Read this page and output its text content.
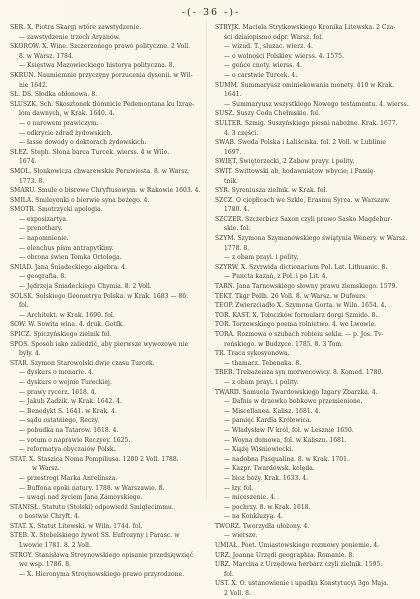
-(- 36 -)-
SER. X. Piotra Skargi wtóre zawstydzenie.
— zawstydzenie trzech Aryanów.
SKOROW. X. Wine. Szczerzonego prawo polityczne. 2 Voll.
8. w Warsz. 1784.
— Księstwa Mazowieckiego historya polityczna. 8.
SKRUN. Naumiemnie przyczyny porzucenia dysonii. w Wil-
nie 1642.
SŁ. DS. Słodka obłonowa. 8.
SLUSZK. Sch. Skosztonek tłómnicie Pedemontana ku Izrae-
lom dawnych, w Krak. 1640. 4.
— o narowem prawiczym.
— odkrycie zdrad żydowskich.
— łasse dowody o doktorach żydowskich.
SŁEZ. Steph. Słona barca Turcek. wierss. 4 w Wilo.
1674.
SMOL. Słonkowicza chwarewskie Peruwiesta. 8. w Warsz.
1773. 8.
SMARU. Smule o bisrowe Chryftusowym. w Rakowie 1603. 4.
SMILA. Smileyenki o bierwie syna bożego. 4.
SMOTR. Smotrzycki apologia.
— exposizartya.
— prenothary.
— napomnienie.
— elenchus pism antrapytkiny.
— obrona świen Tomka Ortologa.
SNIAD. Jana Śniadeckiego algebra. 4.
— geografia. 8.
— Jędrzeja Śniadeckiego Chymia. 8. 2 Voll.
SOLSK. Sołskiego Geometrya Polska. w Krak. 1683 — 86.
fol.
— Architekt. w Krak. 1690. fol.
SOW. W. Sowita wina. 4. druk. Gotfk.
SPICZ. Spiczyńskiego zielnik fol.
SPOS. Sposób iako zaliedzić, aby pierwsze wywozowe nie
były. 4.
STAR. Szymon Starowolski dwie czasu Turcek.
— dyskurs o monarie. 4.
— dyskurs o wojnie Tureckiej.
— prawy rycerz. 1618. 4.
— Jakub Zadzik. w Krak. 1642. 4.
— Benedykt S. 1641. w Krak. 4.
— sądu ostatniego, Reczy.
— pobudka na Tatarow. 1618. 4.
— votum o naprawie Reczyey. 1625.
— reformatya obyczaiów Polsk.
STAT. X. Staszica Noma Pompiliusa. 1200 2 Voll. 1788.
w Warsz.
— przestrogi Marka Anrelinsza.
— Buffona epoki natury. 1788. w Warszawie. 8.
— uwagi nad życiem Jana Zamoyskiego.
STANISŁ. Statutu (Stolski) odpowiedź Smiglecimmu.
o bostwie Chryft. 4.
STAT. X. Statut Litewski. w Wiln. 1744. fol.
STEB. X. Stebelskiego żywot SS. Eufrozyny i Parasc. w
Lwowie 1781. 8. 2 Voll.
STROY. Stanisława Stroynowskiego opisanie przedsięwzięć
we wsp. 1786. 8.
— X. Hieronyma Stroynowskiego prawo przyrodzone.
STRYJK. Maciela Stryikowskiego Kronika Litewska. 2 Cza-
ści dziaiopismo odpr. Warsz. fol.
— wizud. T., sluzac. wierz. 4.
— o wolności Polskiey. wierss. 4. 1575.
— gońce cnoty. wierss. 4.
— o carstwie Turcek. 4.
SUMM. Summaryusz ominiekowania monety. 410 w Krak.
1641.
— Summaryusz wszystkiego Nowego testamentu. 4. wierss.
SUSZ. Suszy Coda Chełmskie. fol.
SULTER. Szmig. Suszyńskiego piesni nabożne. Krak. 1677.
4. 3 części.
SWAB. Swoda Polska i Laliściska. fol. 2 Voll. w Lublinie
1697.
SWIĘT. Świętorzecki, 2 Żabow prayy. i polity.
SWIT. Swittowski ab, hodawniatow wbycie; i Pamię-
tnik.
SYR. Syreniusza zielnik. w Krak. fol.
SZCZ. O ciepłicach we Szkle, Erasmu Syrca. w Warszaw.
1780. 4.
SZCZER. Szczerbicz Saxon czyli prawo Sasko Magdebur-
skie. fol.
SZYM. Szymona Szymanowskiego świątynia Wenery. w Warsz.
1778. 8.
— z obam prayi. i polity.
SZYRW. X. Szyrwida dictionarium Pol. Lat. Lithuanic. 8.
— Puncta kazań, z Pol. i po Lit. 4.
TARN. Jana Tarnowskiego słowny prawu ziemskiego. 1579.
TEKT. Tkgr Pollh. 26 Voll. 8. w Warsz. w Dufours.
TEOP. Zwierzciadło X. Szymona Gorta. w Wiln. 1654. 4.
TOR. KAST. X. Tołoczków formularz dorgi Szmido. 8.
TOR. Torzewskiego poema rolnictwo. 4. we Lwowie.
TORA. Rozmowa o szubach robieiu sekla. — p. Jos. Tv-
reńskiego. w Budzyce. 1785. 8. 3 Tom.
TR. Traca sykosyonowa.
— thamacz. Tebenaka. 8.
TREB. Trebażeisza syn morwecowicy. 8. Komed. 1780.
— z obam prayi. i polity.
TWARD. Samuela Twardowskiego Izgary Zbarzka. 4.
— Dafnis w drzewko bobkowe przemienione.
— Miscellanea. Kalisz. 1681. 4.
— pamięć Kardla Królewica.
— Władysław IV król, fol. w Lesznie 1650.
— Woyna domowa, fol. w Kaliszu. 1681.
— Xiążę Wiśniowiecki.
— nadobna Pasqualina. 8. w Krak. 1701.
— Kazpr. Twardowsk. kolęda.
— bica boży. Krak. 1633. 4.
— łzy. fol.
— miceszenie. 4.
— pochrzy. 8. w Krak. 1618.
— na Konkluzyą. 4.
TWORZ. Tworzydła ułożony. 4.
— wiersze.
UMIAŁ. Poet. Umiastowskiego rozmowy poniemie. 4.
URZ. Joanna Urzędi geographia. Romanie. 8.
URZ. Marcina z Urzędowa herbarz czyli zielnik. 1595.
fol.
UST. X. O. ustanowienie i upadku Konstytucyi 3go Maja.
2 Voll. 8.
